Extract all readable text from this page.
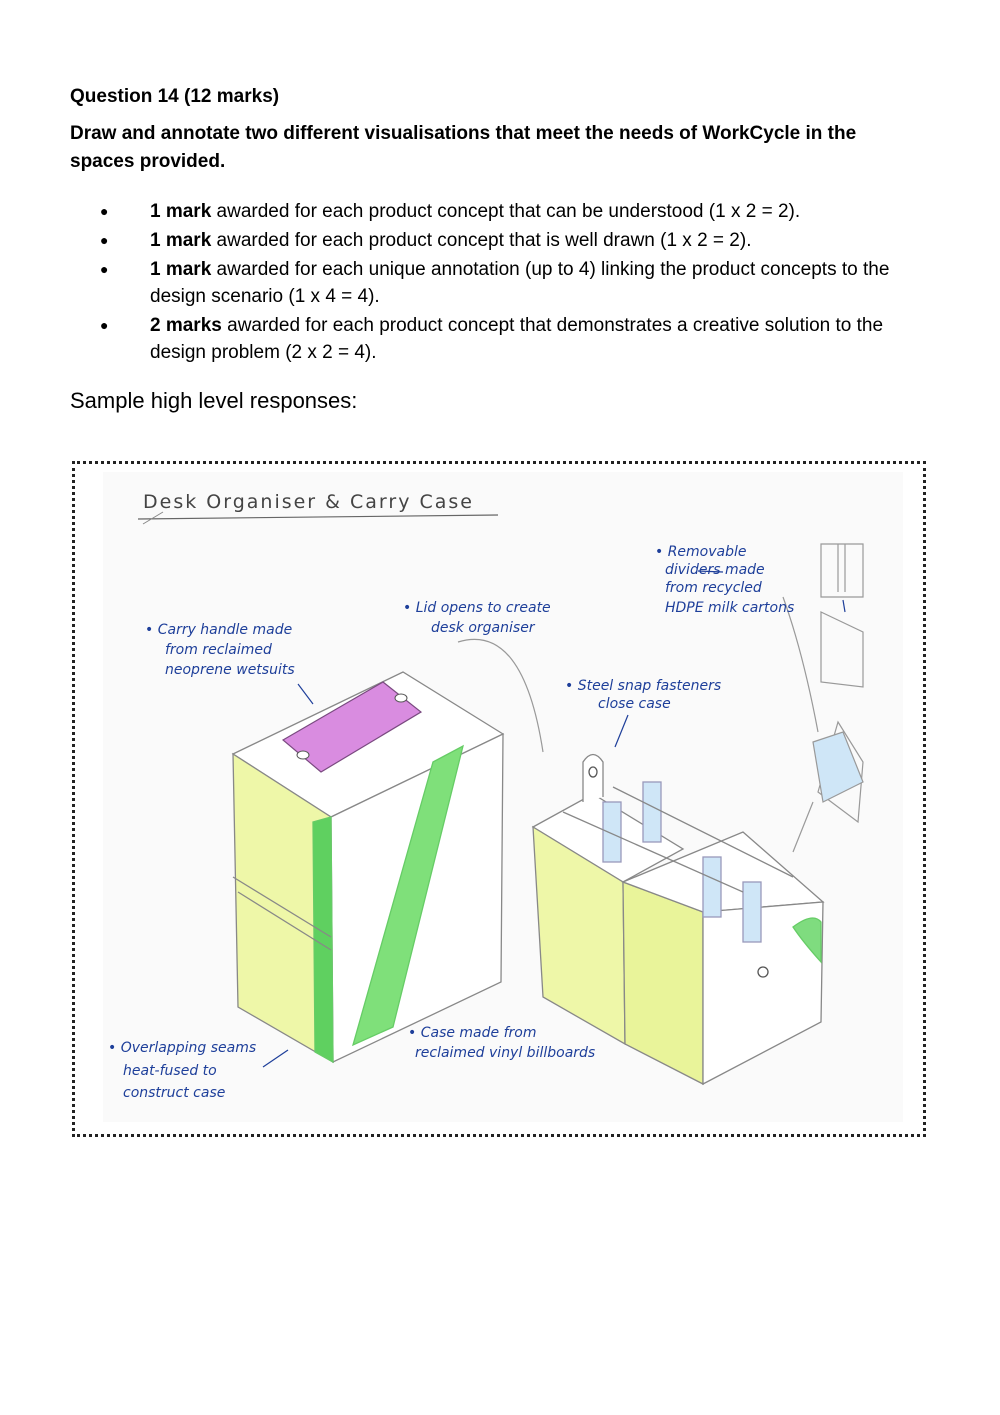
Question 14 (12 marks)

Draw and annotate two different visualisations that meet the needs of WorkCycle in the spaces provided.

● 1 mark awarded for each product concept that can be understood (1 x 2 = 2).
● 1 mark awarded for each product concept that is well drawn (1 x 2 = 2).
● 1 mark awarded for each unique annotation (up to 4) linking the product concepts to the design scenario (1 x 4 = 4).
● 2 marks awarded for each product concept that demonstrates a creative solution to the design problem (2 x 2 = 4).

Sample high level responses:

Desk Organiser & Carry Case
• Carry handle made from reclaimed neoprene wetsuits
• Lid opens to create desk organiser
• Removable dividers made from recycled HDPE milk cartons
• Steel snap fasteners close case
• Overlapping seams heat-fused to construct case
• Case made from reclaimed vinyl billboards
